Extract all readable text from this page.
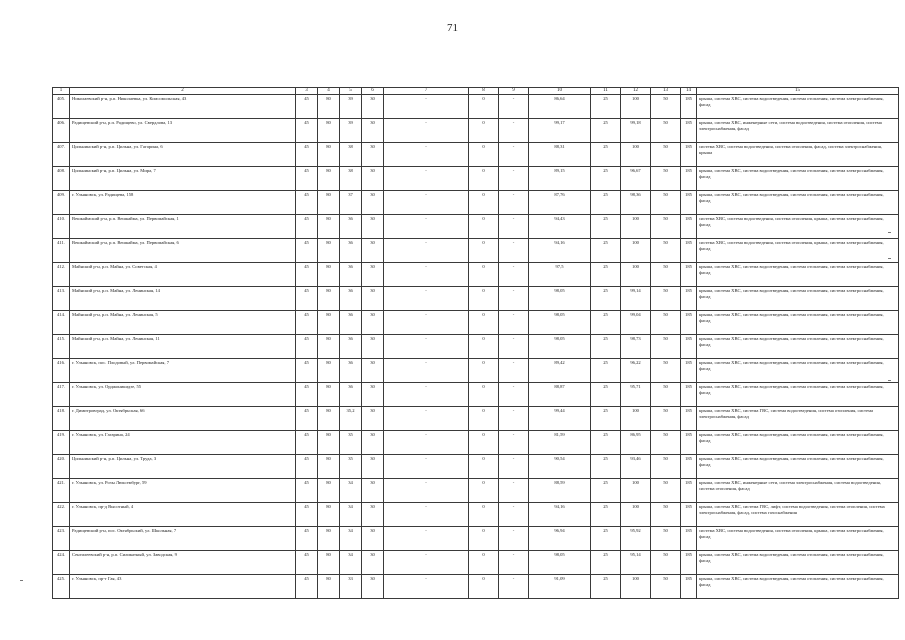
71
1	2	3	4	5	6	7	8	9	10	11	12	13	14	15
405.	Николаевский р-н, р.п. Николаевка, ул. Комсомольская, 43	45	80	39	30	-	0	-	86,64	25	100	50	185	крыша, система ХВС, система водоотведения, система отопления, система электроснабжения, фасад
406.	Радищевский р-н, р.п. Радищево, ул. Свердлова, 13	45	80	39	30	-	0	-	99,17	25	99,18	50	185	крыша, система ХВС, инженерные сети, система водоотведения, система отопления, система электроснабжения, фасад
407.	Цильнинский р-н, р.п. Цильна, ул. Гагарина, 6	45	80	38	30	-	0	-	88,31	25	100	50	185	система ХВС, система водоотведения, система отопления, фасад, система электроснабжения, крыша
408.	Цильнинский р-н, р.п. Цильна, ул. Мира, 7	45	80	38	30	-	0	-	89,15	25	96,67	50	185	крыша, система ХВС, система водоотведения, система отопления, система электроснабжения, фасад
409.	г. Ульяновск, ул. Радищева, 158	45	80	37	30	-	0	-	87,76	25	98,36	50	185	крыша, система ХВС, система водоотведения, система отопления, система электроснабжения, фасад
410.	Вешкаймский р-н, р.п. Вешкайма, ул. Первомайская, 1	45	80	36	30	-	0	-	94,43	25	100	50	185	система ХВС, система водоотведения, система отопления, крыша, система электроснабжения, фасад
411.	Вешкаймский р-н, р.п. Вешкайма, ул. Первомайская, 6	45	80	36	30	-	0	-	94,16	25	100	50	185	система ХВС, система водоотведения, система отопления, крыша, система электроснабжения, фасад
412.	Майнский р-н, р.п. Майна, ул. Советская, 4	45	80	36	30	-	0	-	97,5	25	100	50	185	крыша, система ХВС, система водоотведения, система отопления, система электроснабжения, фасад
413.	Майнский р-н, р.п. Майна, ул. Ленинская, 14	45	80	36	30	-	0	-	98,05	25	99,14	50	185	крыша, система ХВС, система водоотведения, система отопления, система электроснабжения, фасад
414.	Майнский р-н, р.п. Майна, ул. Ленинская, 5	45	80	36	30	-	0	-	98,05	25	99,04	50	185	крыша, система ХВС, система водоотведения, система отопления, система электроснабжения, фасад
415.	Майнский р-н, р.п. Майна, ул. Ленинская, 11	45	80	36	30	-	0	-	98,05	25	98,73	50	185	крыша, система ХВС, система водоотведения, система отопления, система электроснабжения, фасад
416.	г. Ульяновск, пос. Плодовый, ул. Первомайская, 7	45	80	36	30	-	0	-	89,42	25	96,22	50	185	крыша, система ХВС, система водоотведения, система отопления, система электроснабжения, фасад
417.	г. Ульяновск, ул. Орджоникидзе, 55	45	80	36	30	-	0	-	88,87	25	95,71	50	185	крыша, система ХВС, система водоотведения, система отопления, система электроснабжения, фасад
418.	г. Димитровград, ул. Октябрьская, 66	45	80	35,2	30	-	0	-	99,44	25	100	50	185	крыша, система ХВС, система ГВС, система водоотведения, система отопления, система электроснабжения, фасад
419.	г. Ульяновск, ул. Гагарина, 24	45	80	35	30	-	0	-	81,59	25	86,95	50	185	крыша, система ХВС, система водоотведения, система отопления, система электроснабжения, фасад
420.	Цильнинский р-н, р.п. Цильна, ул. Труда, 3	45	80	35	30	-	0	-	90,54	25	93,46	50	185	крыша, система ХВС, система водоотведения, система отопления, система электроснабжения, фасад
421.	г. Ульяновск, ул. Розы Люксембург, 59	45	80	34	30	-	0	-	88,59	25	100	50	185	крыша, система ХВС, инженерные сети, система электроснабжения, система водоотведения, система отопления, фасад
422.	г. Ульяновск, пр-д Высотный, 4	45	80	34	30	-	0	-	94,16	25	100	50	185	крыша, система ХВС, система ГВС, лифт, система водоотведения, система отопления, система электроснабжения, фасад, система газоснабжения
423.	Радищевский р-н, пос. Октябрьский, ул. Школьная, 7	45	80	34	30	-	0	-	96,94	25	95,92	50	185	система ХВС, система водоотведения, система отопления, крыша, система электроснабжения, фасад
424.	Сенгилеевский р-н, р.п. Силикатный, ул. Заводская, 9	45	80	34	30	-	0	-	98,05	25	95,14	50	185	крыша, система ХВС, система водоотведения, система отопления, система электроснабжения, фасад
425.	г. Ульяновск, пр-т Гая, 43	45	80	33	30	-	0	-	91,09	25	100	50	185	крыша, система ХВС, система водоотведения, система отопления, система электроснабжения, фасад
